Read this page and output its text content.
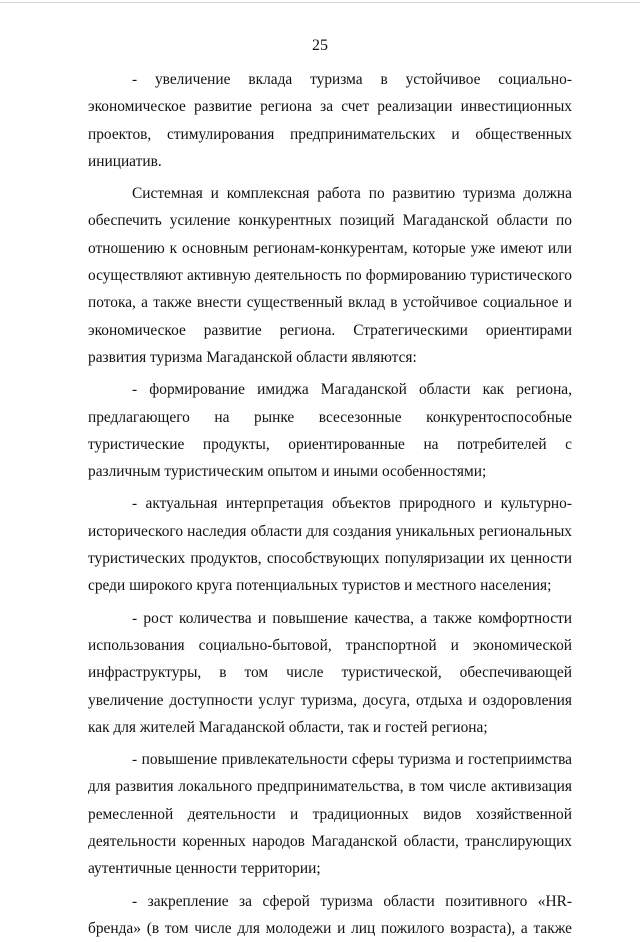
25

- увеличение вклада туризма в устойчивое социально-экономическое развитие региона за счет реализации инвестиционных проектов, стимулирования предпринимательских и общественных инициатив.

Системная и комплексная работа по развитию туризма должна обеспечить усиление конкурентных позиций Магаданской области по отношению к основным регионам-конкурентам, которые уже имеют или осуществляют активную деятельность по формированию туристического потока, а также внести существенный вклад в устойчивое социальное и экономическое развитие региона. Стратегическими ориентирами развития туризма Магаданской области являются:

- формирование имиджа Магаданской области как региона, предлагающего на рынке всесезонные конкурентоспособные туристические продукты, ориентированные на потребителей с различным туристическим опытом и иными особенностями;

- актуальная интерпретация объектов природного и культурно-исторического наследия области для создания уникальных региональных туристических продуктов, способствующих популяризации их ценности среди широкого круга потенциальных туристов и местного населения;

- рост количества и повышение качества, а также комфортности использования социально-бытовой, транспортной и экономической инфраструктуры, в том числе туристической, обеспечивающей увеличение доступности услуг туризма, досуга, отдыха и оздоровления как для жителей Магаданской области, так и гостей региона;

- повышение привлекательности сферы туризма и гостеприимства для развития локального предпринимательства, в том числе активизация ремесленной деятельности и традиционных видов хозяйственной деятельности коренных народов Магаданской области, транслирующих аутентичные ценности территории;

- закрепление за сферой туризма области позитивного «HR-бренда» (в том числе для молодежи и лиц пожилого возраста), а также
